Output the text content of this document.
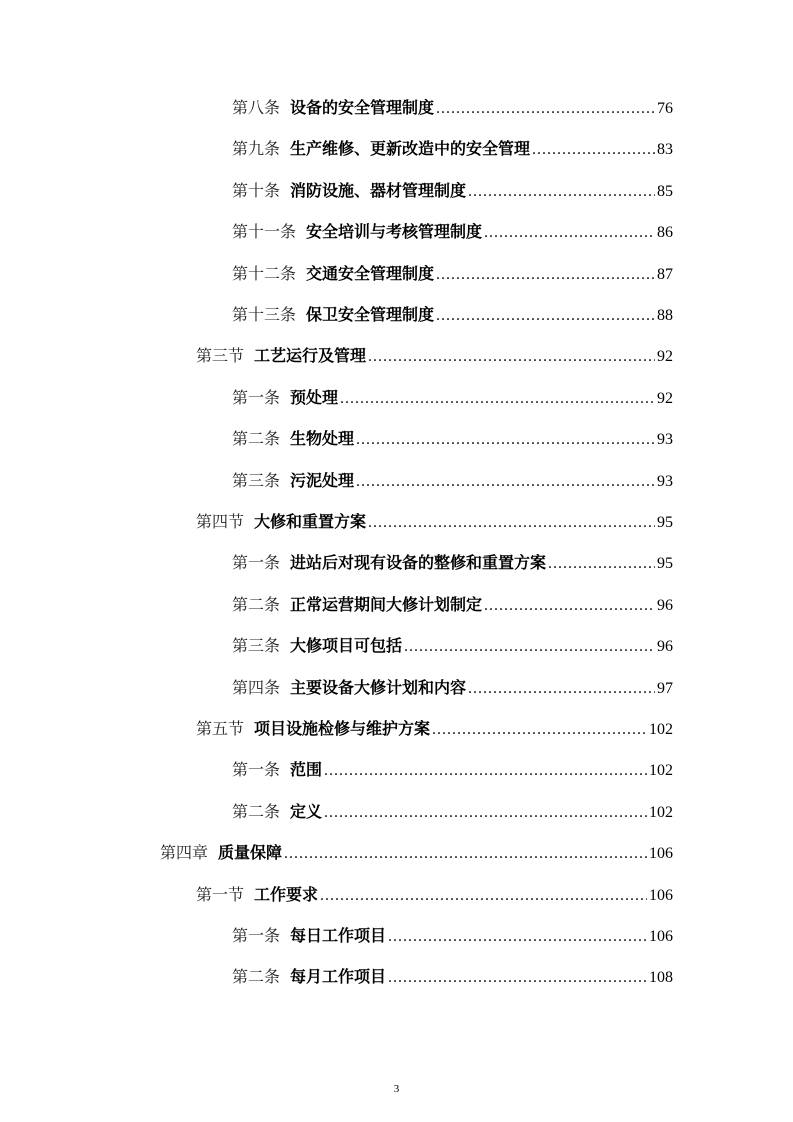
第八条 设备的安全管理制度 .....	76
第九条 生产维修、更新改造中的安全管理 .....	83
第十条 消防设施、器材管理制度 .....	85
第十一条 安全培训与考核管理制度 .....	86
第十二条 交通安全管理制度 .....	87
第十三条 保卫安全管理制度 .....	88
第三节 工艺运行及管理 .....	92
第一条 预处理 .....	92
第二条 生物处理 .....	93
第三条 污泥处理 .....	93
第四节 大修和重置方案 .....	95
第一条 进站后对现有设备的整修和重置方案 .....	95
第二条 正常运营期间大修计划制定 .....	96
第三条 大修项目可包括 .....	96
第四条 主要设备大修计划和内容 .....	97
第五节 项目设施检修与维护方案 .....	102
第一条 范围 .....	102
第二条 定义 .....	102
第四章 质量保障 .....	106
第一节 工作要求 .....	106
第一条 每日工作项目 .....	106
第二条 每月工作项目 .....	108
3
